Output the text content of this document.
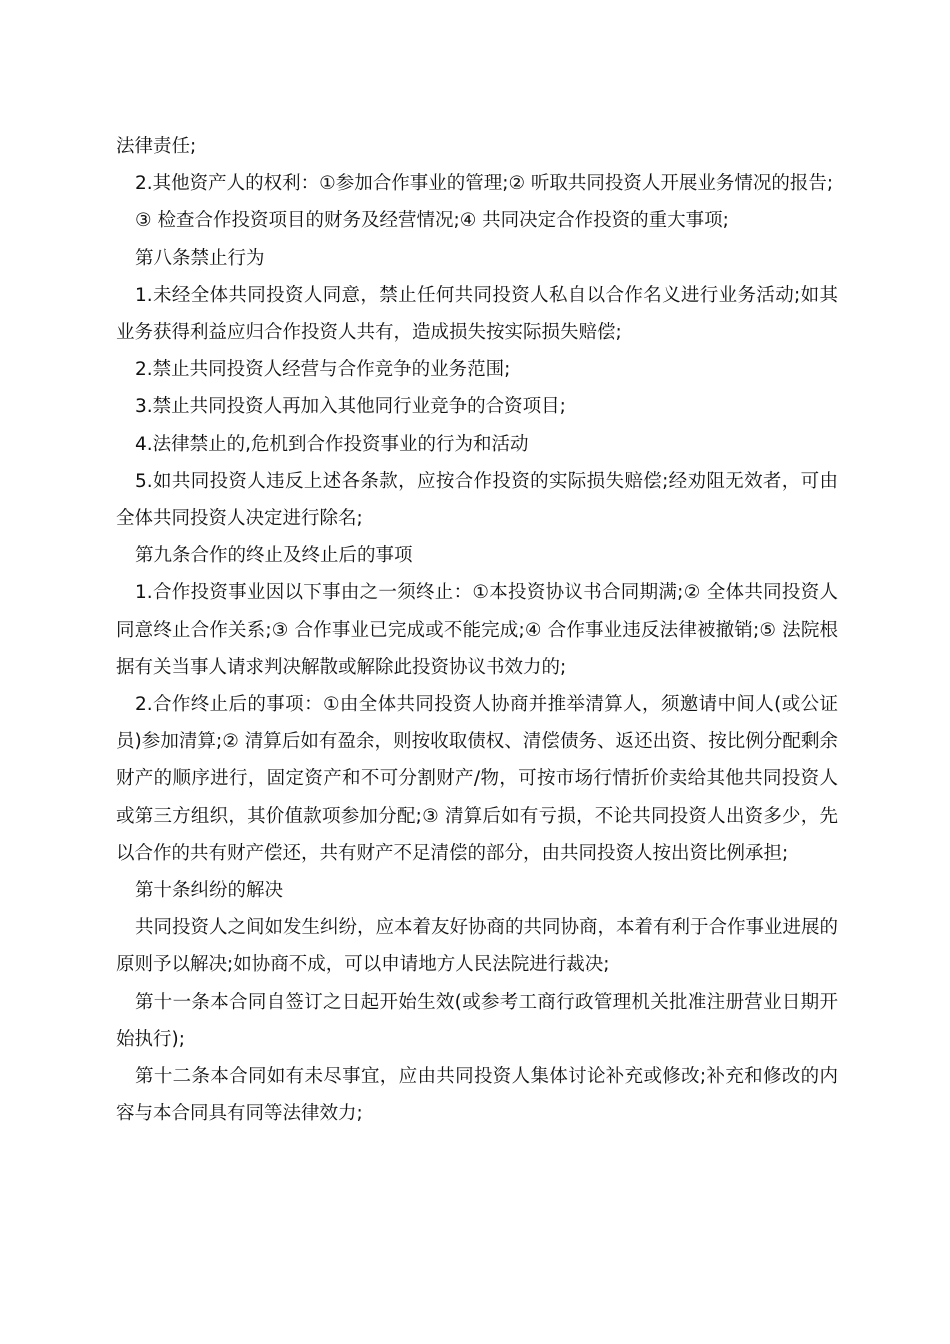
法律责任;

2.其他资产人的权利：①参加合作事业的管理;② 听取共同投资人开展业务情况的报告;

③ 检查合作投资项目的财务及经营情况;④ 共同决定合作投资的重大事项;

第八条禁止行为

1.未经全体共同投资人同意，禁止任何共同投资人私自以合作名义进行业务活动;如其业务获得利益应归合作投资人共有，造成损失按实际损失赔偿;

2.禁止共同投资人经营与合作竞争的业务范围;

3.禁止共同投资人再加入其他同行业竞争的合资项目;

4.法律禁止的,危机到合作投资事业的行为和活动

5.如共同投资人违反上述各条款，应按合作投资的实际损失赔偿;经劝阻无效者，可由全体共同投资人决定进行除名;

第九条合作的终止及终止后的事项

1.合作投资事业因以下事由之一须终止：①本投资协议书合同期满;② 全体共同投资人同意终止合作关系;③ 合作事业已完成或不能完成;④ 合作事业违反法律被撤销;⑤ 法院根据有关当事人请求判决解散或解除此投资协议书效力的;

2.合作终止后的事项：①由全体共同投资人协商并推举清算人，须邀请中间人(或公证员)参加清算;② 清算后如有盈余，则按收取债权、清偿债务、返还出资、按比例分配剩余财产的顺序进行，固定资产和不可分割财产/物，可按市场行情折价卖给其他共同投资人或第三方组织，其价值款项参加分配;③ 清算后如有亏损，不论共同投资人出资多少，先以合作的共有财产偿还，共有财产不足清偿的部分，由共同投资人按出资比例承担;

第十条纠纷的解决

共同投资人之间如发生纠纷，应本着友好协商的共同协商，本着有利于合作事业进展的原则予以解决;如协商不成，可以申请地方人民法院进行裁决;

第十一条本合同自签订之日起开始生效(或参考工商行政管理机关批准注册营业日期开始执行);

第十二条本合同如有未尽事宜，应由共同投资人集体讨论补充或修改;补充和修改的内容与本合同具有同等法律效力;
